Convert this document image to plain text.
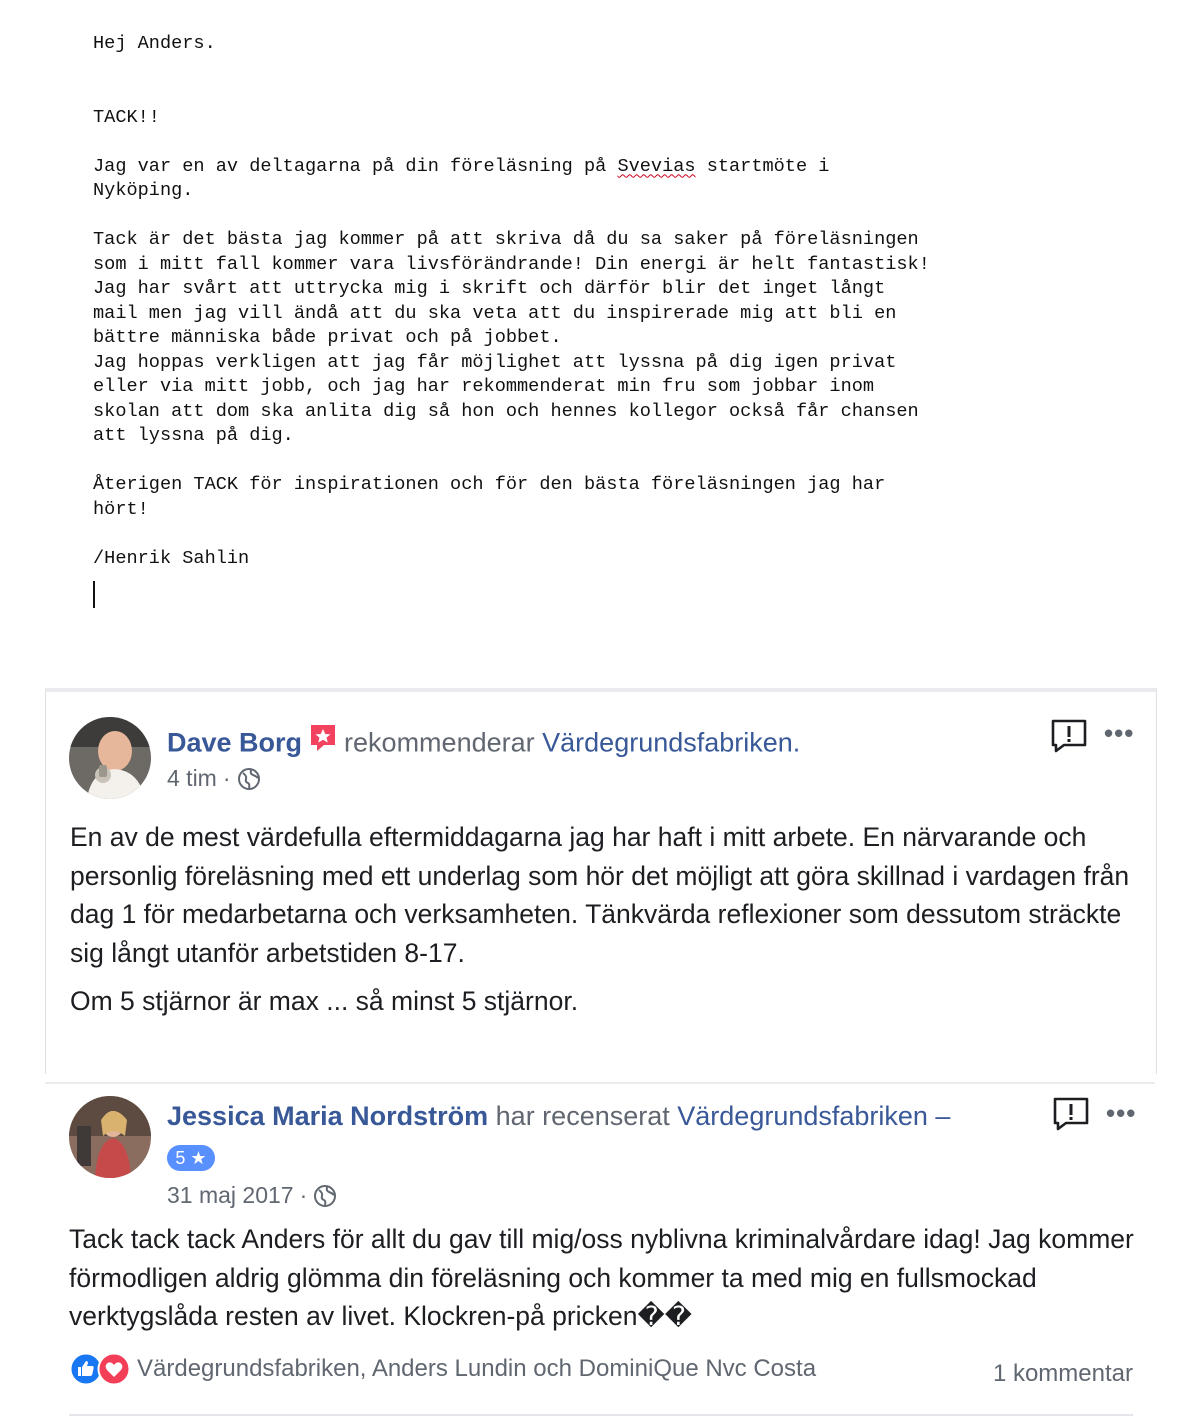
Hej Anders.

TACK!!

Jag var en av deltagarna på din föreläsning på Svevias startmöte i

Nyköping.

Tack är det bästa jag kommer på att skriva då du sa saker på föreläsningen

som i mitt fall kommer vara livsförändrande! Din energi är helt fantastisk!

Jag har svårt att uttrycka mig i skrift och därför blir det inget långt

mail men jag vill ändå att du ska veta att du inspirerade mig att bli en

bättre människa både privat och på jobbet.

Jag hoppas verkligen att jag får möjlighet att lyssna på dig igen privat

eller via mitt jobb, och jag har rekommenderat min fru som jobbar inom

skolan att dom ska anlita dig så hon och hennes kollegor också får chansen

att lyssna på dig.

Återigen TACK för inspirationen och för den bästa föreläsningen jag har

hört!

/Henrik Sahlin

Dave Borg rekommenderar Värdegrundsfabriken.
4 tim ·
•••

En av de mest värdefulla eftermiddagarna jag har haft i mitt arbete. En närvarande och personlig föreläsning med ett underlag som hör det möjligt att göra skillnad i vardagen från dag 1 för medarbetarna och verksamheten. Tänkvärda reflexioner som dessutom sträckte sig långt utanför arbetstiden 8-17.

Om 5 stjärnor är max ... så minst 5 stjärnor.

Jessica Maria Nordström har recenserat Värdegrundsfabriken –
5 ★
31 maj 2017 ·
•••

Tack tack tack Anders för allt du gav till mig/oss nyblivna kriminalvårdare idag! Jag kommer förmodligen aldrig glömma din föreläsning och kommer ta med mig en fullsmockad verktygslåda resten av livet. Klockren-på pricken��

Värdegrundsfabriken, Anders Lundin och DominiQue Nvc Costa	1 kommentar
